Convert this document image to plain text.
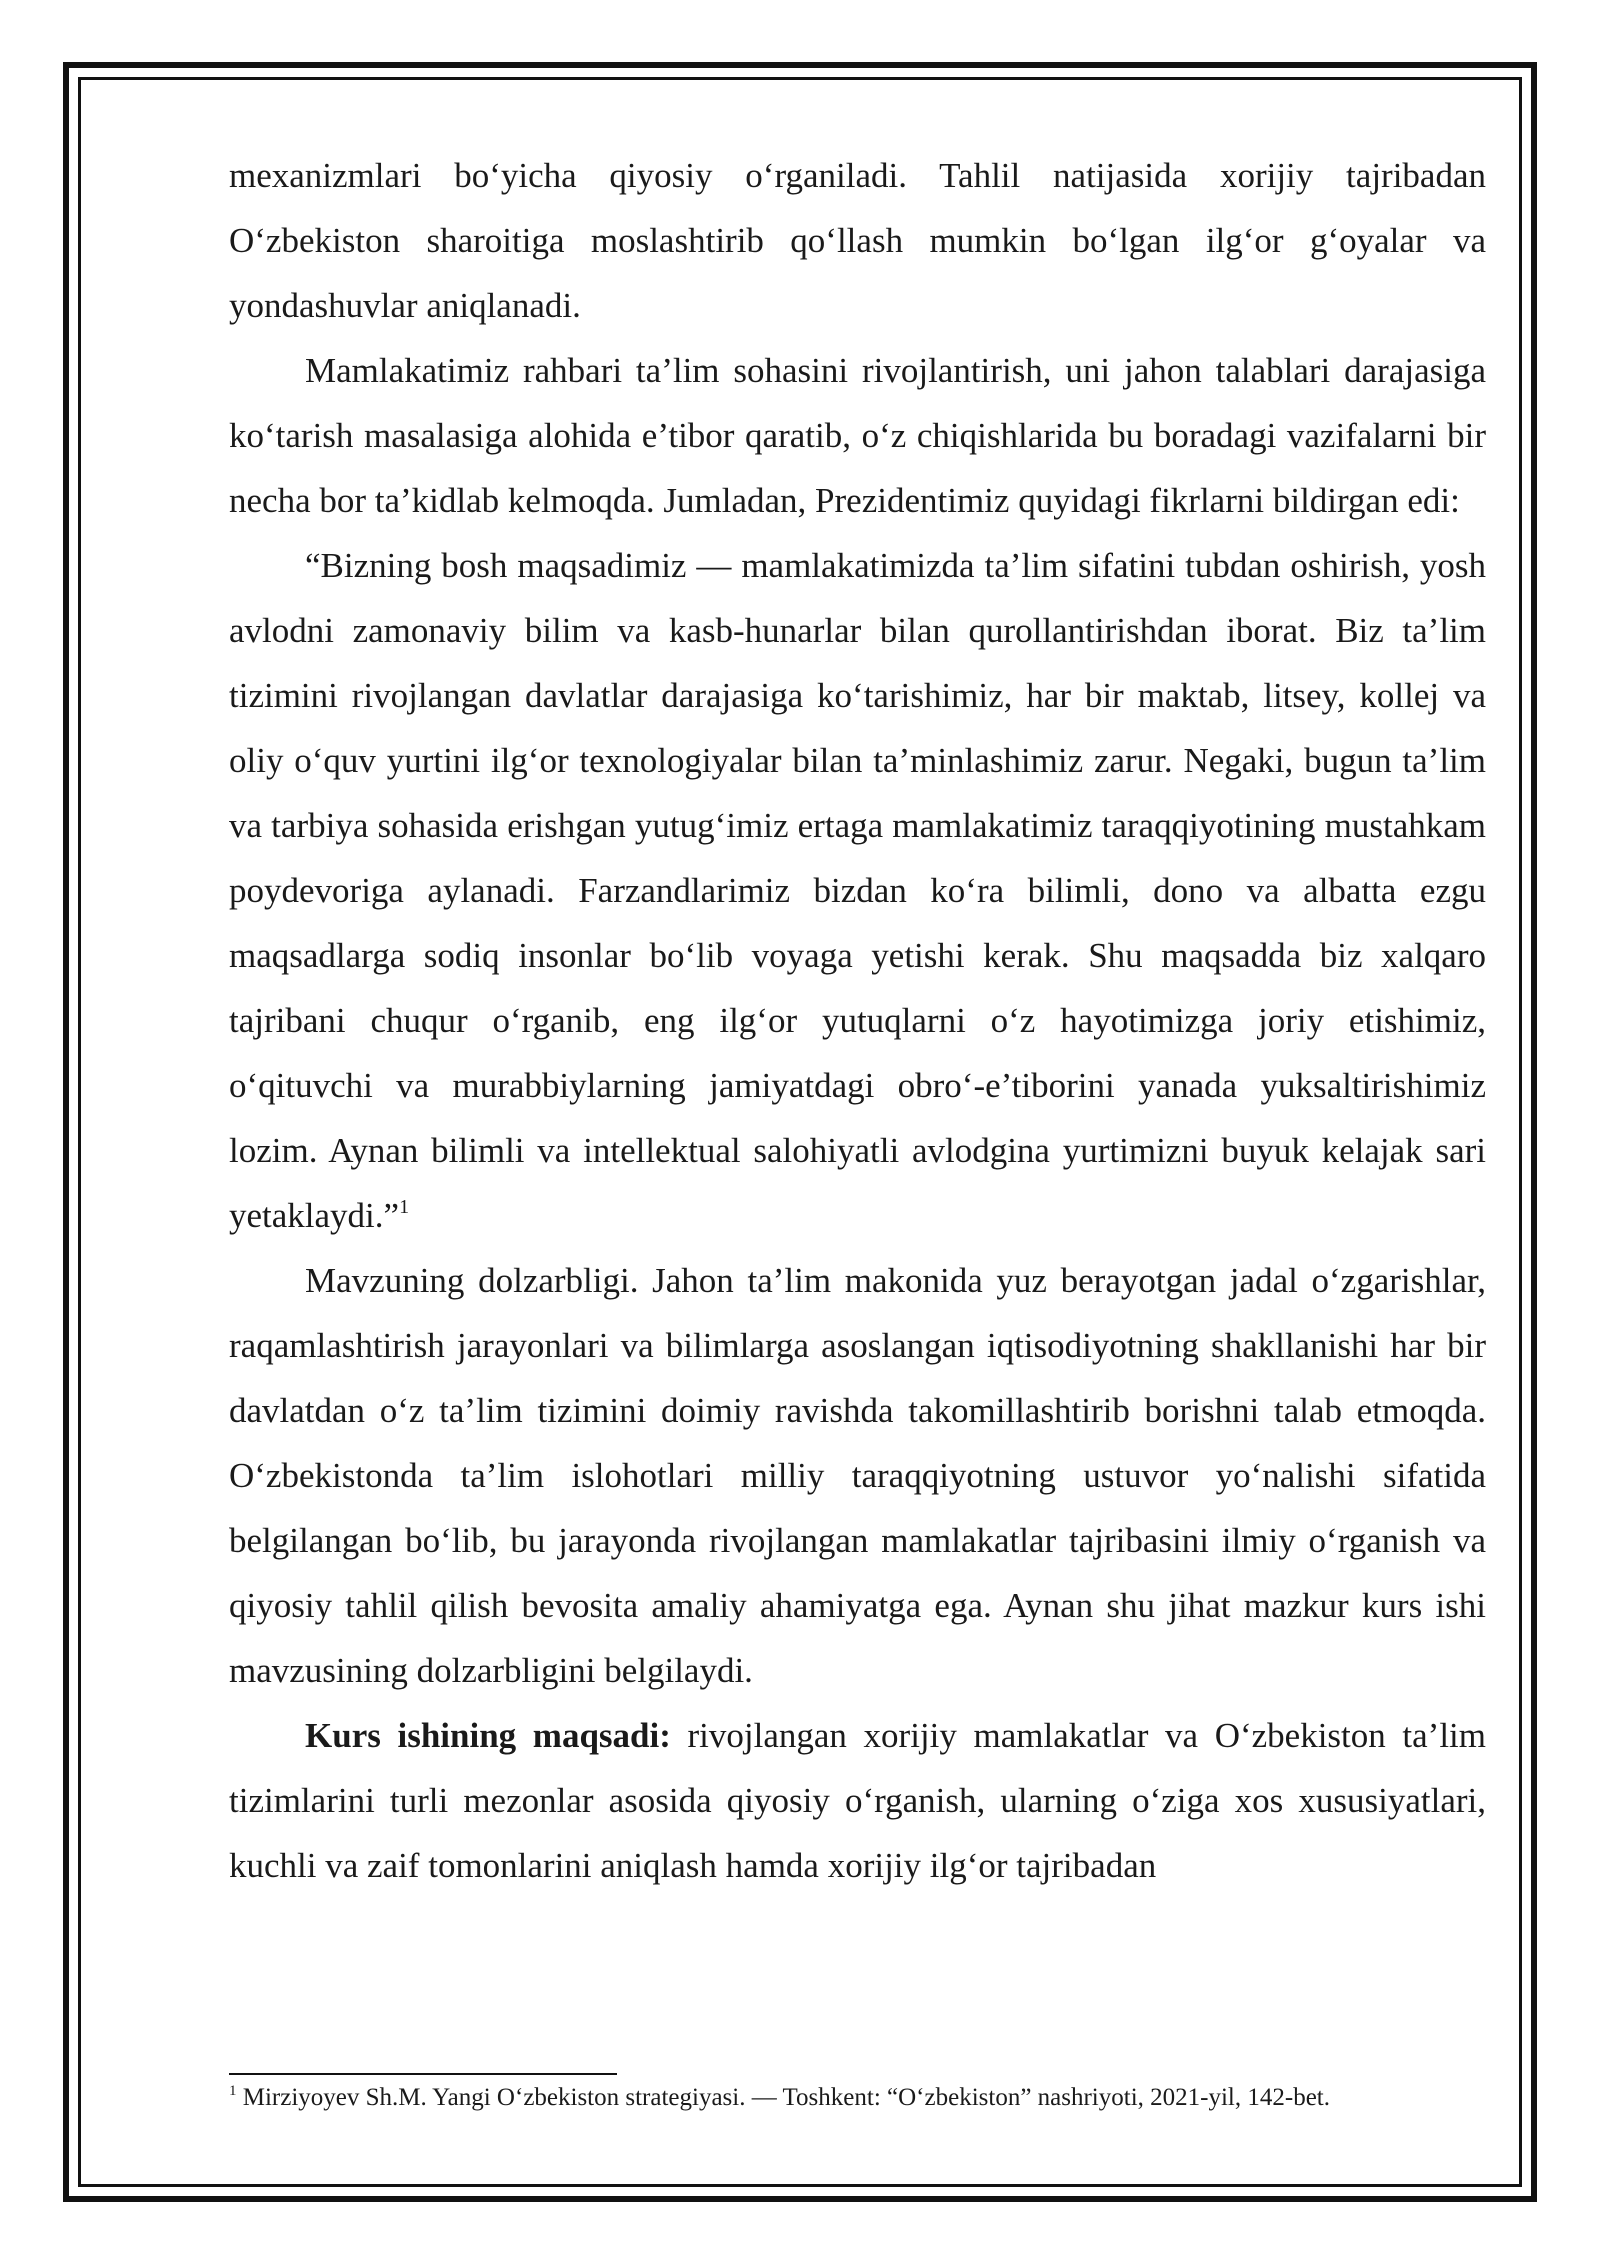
mexanizmlari bo‘yicha qiyosiy o‘rganiladi. Tahlil natijasida xorijiy tajribadan O‘zbekiston sharoitiga moslashtirib qo‘llash mumkin bo‘lgan ilg‘or g‘oyalar va yondashuvlar aniqlanadi.

Mamlakatimiz rahbari ta’lim sohasini rivojlantirish, uni jahon talablari darajasiga ko‘tarish masalasiga alohida e’tibor qaratib, o‘z chiqishlarida bu boradagi vazifalarni bir necha bor ta’kidlab kelmoqda. Jumladan, Prezidentimiz quyidagi fikrlarni bildirgan edi:

“Bizning bosh maqsadimiz — mamlakatimizda ta’lim sifatini tubdan oshirish, yosh avlodni zamonaviy bilim va kasb-hunarlar bilan qurollantirishdan iborat. Biz ta’lim tizimini rivojlangan davlatlar darajasiga ko‘tarishimiz, har bir maktab, litsey, kollej va oliy o‘quv yurtini ilg‘or texnologiyalar bilan ta’minlashimiz zarur. Negaki, bugun ta’lim va tarbiya sohasida erishgan yutug‘imiz ertaga mamlakatimiz taraqqiyotining mustahkam poydevoriga aylanadi. Farzandlarimiz bizdan ko‘ra bilimli, dono va albatta ezgu maqsadlarga sodiq insonlar bo‘lib voyaga yetishi kerak. Shu maqsadda biz xalqaro tajribani chuqur o‘rganib, eng ilg‘or yutuqlarni o‘z hayotimizga joriy etishimiz, o‘qituvchi va murabbiylarning jamiyatdagi obro‘-e’tiborini yanada yuksaltirishimiz lozim. Aynan bilimli va intellektual salohiyatli avlodgina yurtimizni buyuk kelajak sari yetaklaydi.”$^1$

Mavzuning dolzarbligi. Jahon ta’lim makonida yuz berayotgan jadal o‘zgarishlar, raqamlashtirish jarayonlari va bilimlarga asoslangan iqtisodiyotning shakllanishi har bir davlatdan o‘z ta’lim tizimini doimiy ravishda takomillashtirib borishni talab etmoqda. O‘zbekistonda ta’lim islohotlari milliy taraqqiyotning ustuvor yo‘nalishi sifatida belgilangan bo‘lib, bu jarayonda rivojlangan mamlakatlar tajribasini ilmiy o‘rganish va qiyosiy tahlil qilish bevosita amaliy ahamiyatga ega. Aynan shu jihat mazkur kurs ishi mavzusining dolzarbligini belgilaydi.

Kurs ishining maqsadi: rivojlangan xorijiy mamlakatlar va O‘zbekiston ta’lim tizimlarini turli mezonlar asosida qiyosiy o‘rganish, ularning o‘ziga xos xususiyatlari, kuchli va zaif tomonlarini aniqlash hamda xorijiy ilg‘or tajribadan

$^1$ Mirziyoyev Sh.M. Yangi O‘zbekiston strategiyasi. — Toshkent: “O‘zbekiston” nashriyoti, 2021-yil, 142-bet.
